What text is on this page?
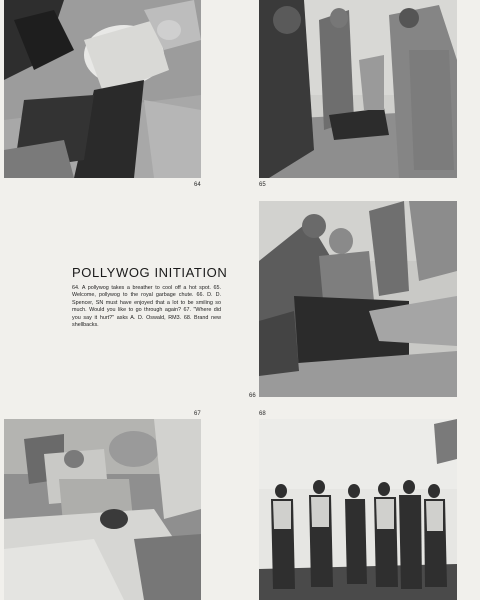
64	65
POLLYWOG INITIATION
64. A pollywog takes a breather to cool off a hot spot. 65. Welcome, pollywog to the royal garbage chute. 66. D. D. Spencer, SN must have enjoyed that a lot to be smiling so much. Would you like to go through again? 67. "Where did you say it hurt?" asks A. D. Oswald, RM3. 68. Brand new shellbacks.
66
67	68
